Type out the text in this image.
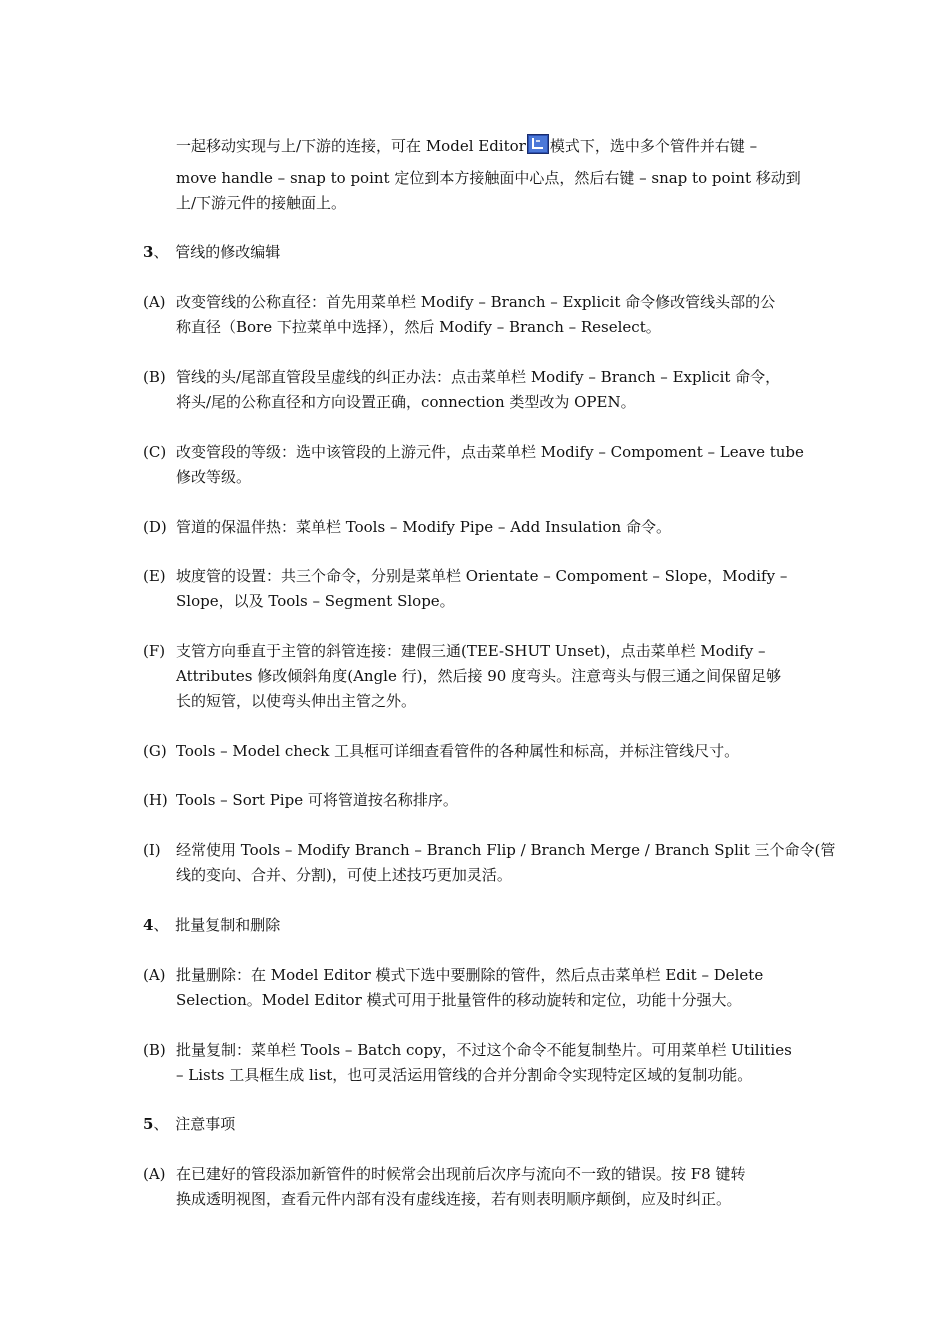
一起移动实现与上/下游的连接，可在 Model Editor 模式下，选中多个管件并右键 –
move handle – snap to point 定位到本方接触面中心点，然后右键 – snap to point 移动到
上/下游元件的接触面上。
3、 管线的修改编辑
(A) 改变管线的公称直径：首先用菜单栏 Modify – Branch – Explicit 命令修改管线头部的公
称直径（Bore 下拉菜单中选择），然后 Modify – Branch – Reselect。
(B) 管线的头/尾部直管段呈虚线的纠正办法：点击菜单栏 Modify – Branch – Explicit 命令，
将头/尾的公称直径和方向设置正确，connection 类型改为 OPEN。
(C) 改变管段的等级：选中该管段的上游元件，点击菜单栏 Modify – Compoment – Leave tube
修改等级。
(D) 管道的保温伴热：菜单栏 Tools – Modify Pipe – Add Insulation 命令。
(E) 坡度管的设置：共三个命令，分别是菜单栏 Orientate – Compoment – Slope，Modify –
Slope，以及 Tools – Segment Slope。
(F) 支管方向垂直于主管的斜管连接：建假三通(TEE-SHUT Unset)，点击菜单栏 Modify –
Attributes 修改倾斜角度(Angle 行)，然后接 90 度弯头。注意弯头与假三通之间保留足够
长的短管，以使弯头伸出主管之外。
(G) Tools – Model check 工具框可详细查看管件的各种属性和标高，并标注管线尺寸。
(H) Tools – Sort Pipe 可将管道按名称排序。
(I) 经常使用 Tools – Modify Branch – Branch Flip / Branch Merge / Branch Split 三个命令(管
线的变向、合并、分割)，可使上述技巧更加灵活。
4、 批量复制和删除
(A) 批量删除：在 Model Editor 模式下选中要删除的管件，然后点击菜单栏 Edit – Delete
Selection。Model Editor 模式可用于批量管件的移动旋转和定位，功能十分强大。
(B) 批量复制：菜单栏 Tools – Batch copy，不过这个命令不能复制垫片。可用菜单栏 Utilities
– Lists 工具框生成 list，也可灵活运用管线的合并分割命令实现特定区域的复制功能。
5、 注意事项
(A) 在已建好的管段添加新管件的时候常会出现前后次序与流向不一致的错误。按 F8 键转
换成透明视图，查看元件内部有没有虚线连接，若有则表明顺序颠倒，应及时纠正。
